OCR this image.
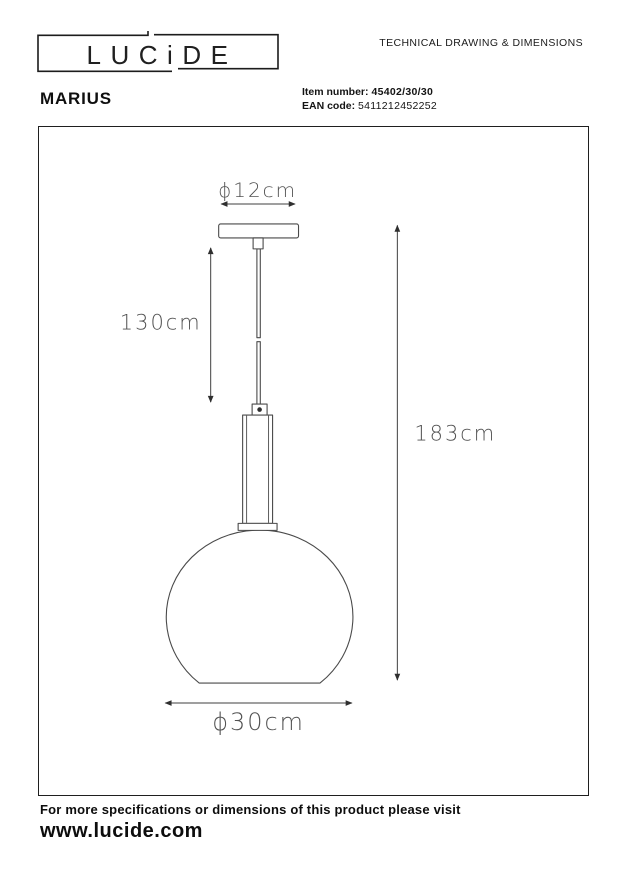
LUCiDE	TECHNICAL DRAWING & DIMENSIONS
MARIUS	Item number: 45402/30/30
EAN code: 5411212452252
ϕ12cm
130cm
183cm
ϕ30cm
For more specifications or dimensions of this product please visit
www.lucide.com
